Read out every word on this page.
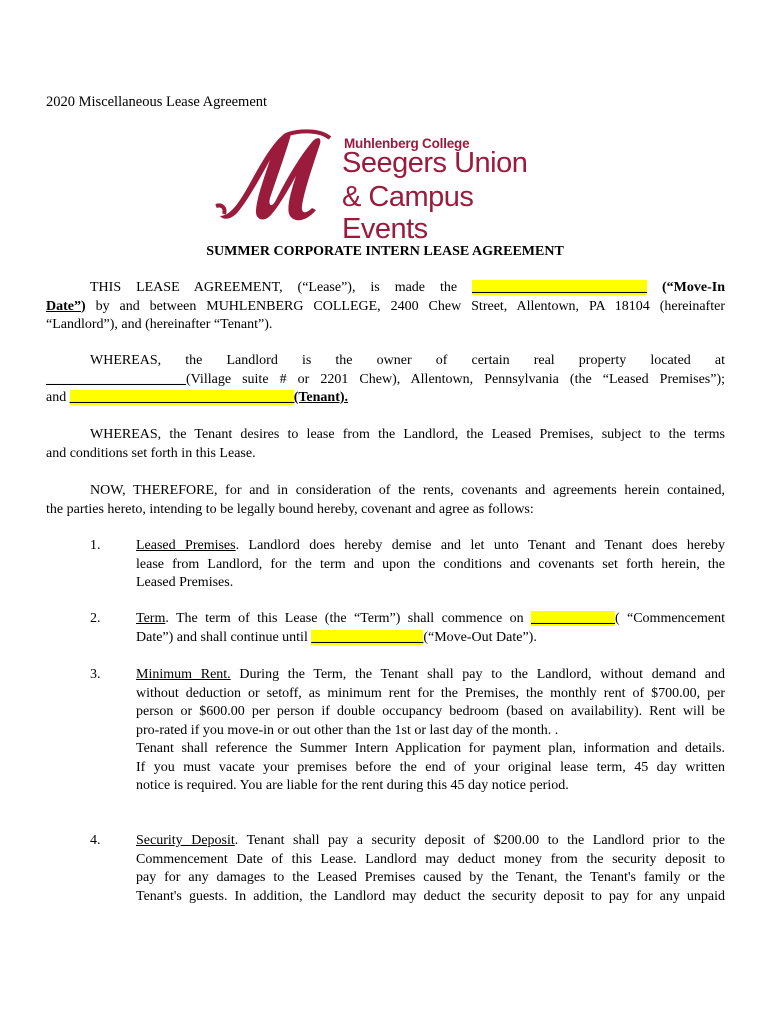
2020 Miscellaneous Lease Agreement
Muhlenberg College
Seegers Union
& Campus Events
SUMMER CORPORATE INTERN LEASE AGREEMENT
THIS LEASE AGREEMENT, (“Lease”), is made the _________________________ (“Move-In
Date”) by and between MUHLENBERG COLLEGE, 2400 Chew Street, Allentown, PA 18104 (hereinafter
“Landlord”), and (hereinafter “Tenant”).
WHEREAS, the Landlord is the owner of certain real property located at
____________________(Village suite # or 2201 Chew), Allentown, Pennsylvania (the “Leased Premises”);
and ________________________________(Tenant).
WHEREAS, the Tenant desires to lease from the Landlord, the Leased Premises, subject to the terms
and conditions set forth in this Lease.
NOW, THEREFORE, for and in consideration of the rents, covenants and agreements herein contained,
the parties hereto, intending to be legally bound hereby, covenant and agree as follows:
1.	Leased Premises. Landlord does hereby demise and let unto Tenant and Tenant does hereby
lease from Landlord, for the term and upon the conditions and covenants set forth herein, the
Leased Premises.
2.	Term. The term of this Lease (the “Term”) shall commence on ____________( “Commencement
Date”) and shall continue until ________________(“Move-Out Date”).
3.	Minimum Rent. During the Term, the Tenant shall pay to the Landlord, without demand and
without deduction or setoff, as minimum rent for the Premises, the monthly rent of $700.00, per
person or $600.00 per person if double occupancy bedroom (based on availability). Rent will be
pro-rated if you move-in or out other than the 1st or last day of the month. .
Tenant shall reference the Summer Intern Application for payment plan, information and details.
If you must vacate your premises before the end of your original lease term, 45 day written
notice is required. You are liable for the rent during this 45 day notice period.
4.	Security Deposit. Tenant shall pay a security deposit of $200.00 to the Landlord prior to the
Commencement Date of this Lease. Landlord may deduct money from the security deposit to
pay for any damages to the Leased Premises caused by the Tenant, the Tenant's family or the
Tenant's guests. In addition, the Landlord may deduct the security deposit to pay for any unpaid
